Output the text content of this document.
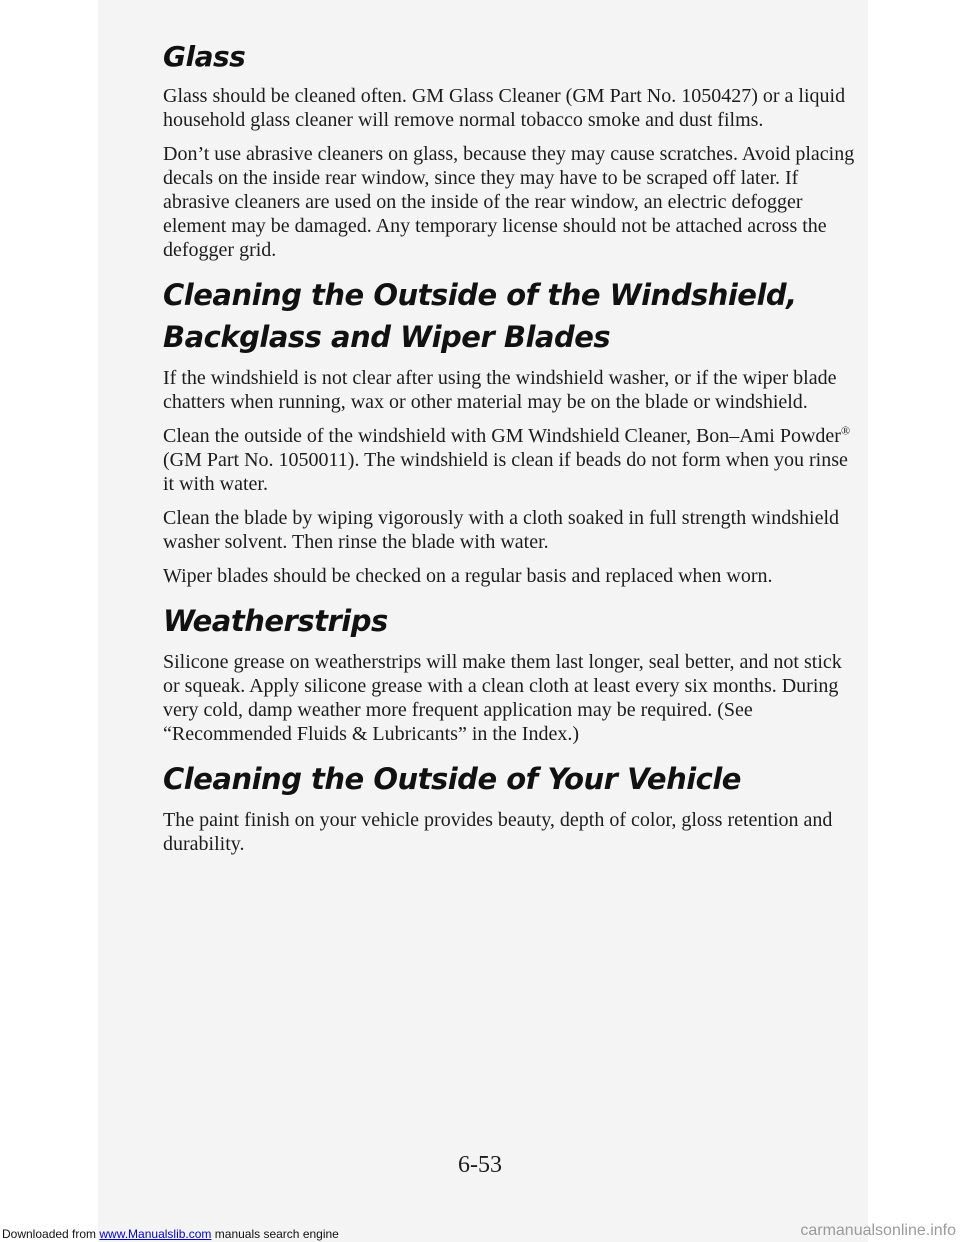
Glass

Glass should be cleaned often. GM Glass Cleaner (GM Part No. 1050427) or a liquid household glass cleaner will remove normal tobacco smoke and dust films.

Don’t use abrasive cleaners on glass, because they may cause scratches. Avoid placing decals on the inside rear window, since they may have to be scraped off later. If abrasive cleaners are used on the inside of the rear window, an electric defogger element may be damaged. Any temporary license should not be attached across the defogger grid.

Cleaning the Outside of the Windshield,
Backglass and Wiper Blades

If the windshield is not clear after using the windshield washer, or if the wiper blade chatters when running, wax or other material may be on the blade or windshield.

Clean the outside of the windshield with GM Windshield Cleaner, Bon–Ami Powder® (GM Part No. 1050011). The windshield is clean if beads do not form when you rinse it with water.

Clean the blade by wiping vigorously with a cloth soaked in full strength windshield washer solvent. Then rinse the blade with water.

Wiper blades should be checked on a regular basis and replaced when worn.

Weatherstrips

Silicone grease on weatherstrips will make them last longer, seal better, and not stick or squeak. Apply silicone grease with a clean cloth at least every six months. During very cold, damp weather more frequent application may be required. (See “Recommended Fluids & Lubricants” in the Index.)

Cleaning the Outside of Your Vehicle

The paint finish on your vehicle provides beauty, depth of color, gloss retention and durability.

6-53
Downloaded from www.Manualslib.com manuals search engine	carmanualsonline.info
